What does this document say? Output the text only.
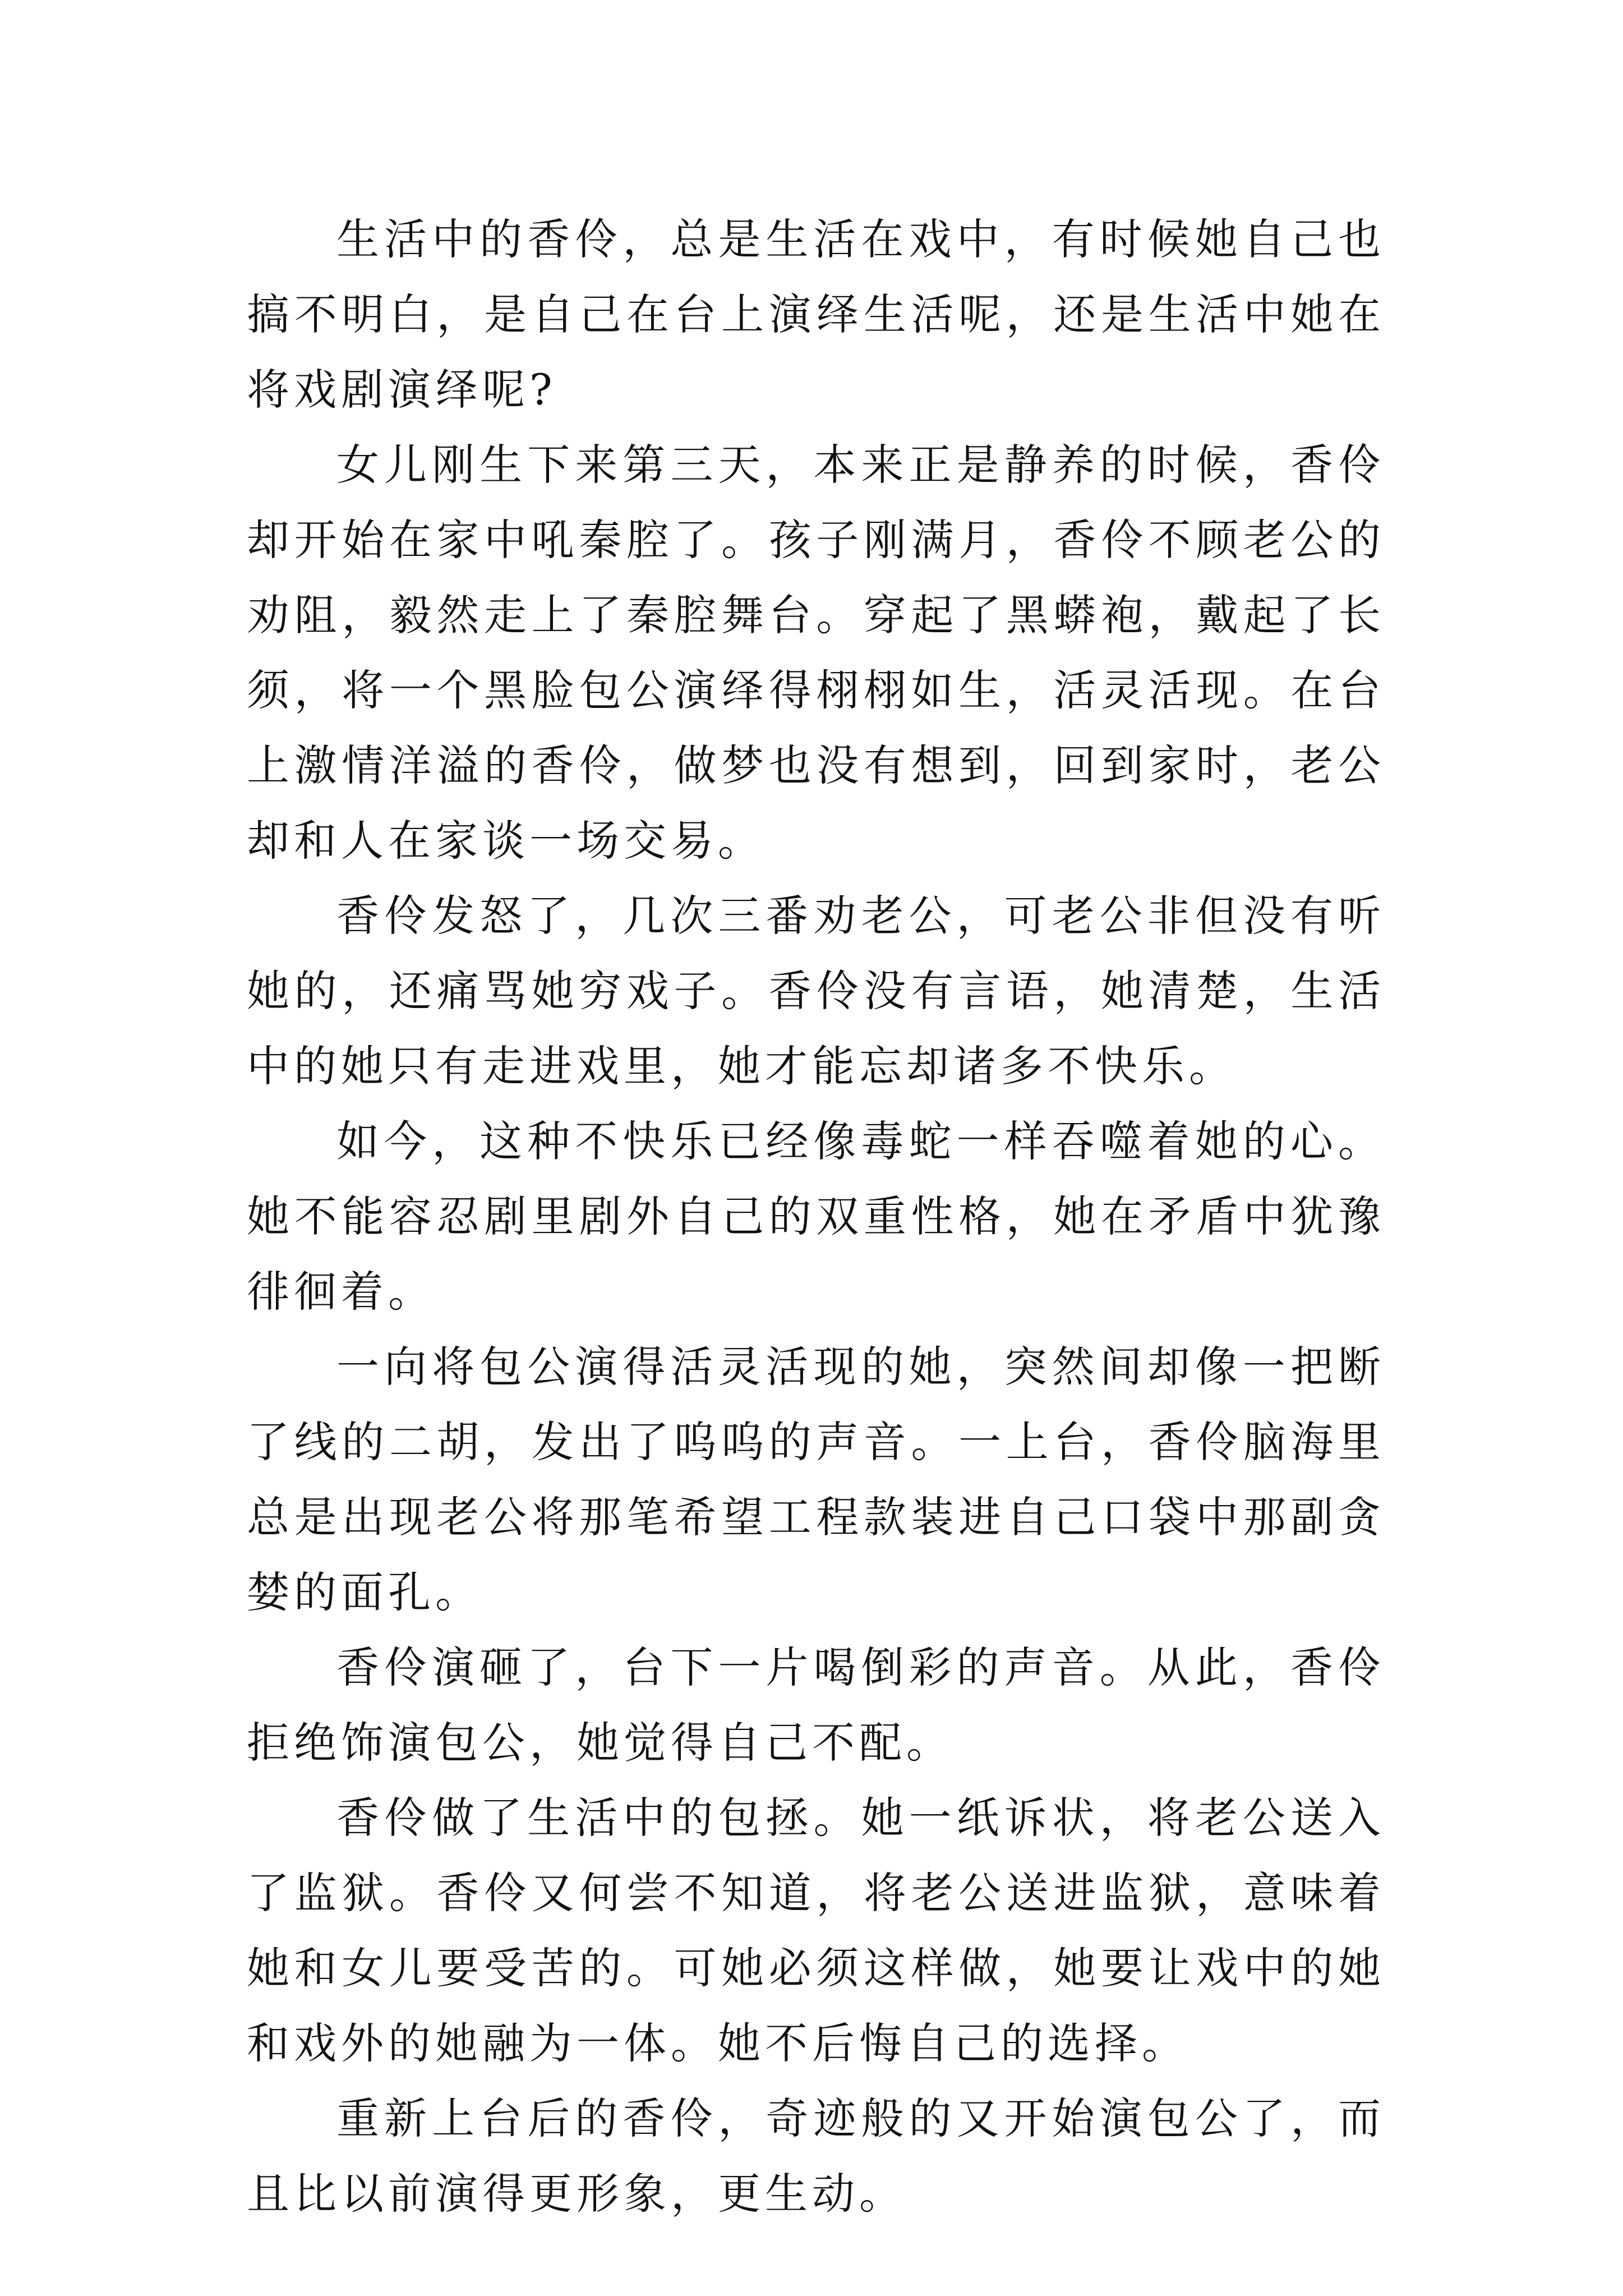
生活中的香伶，总是生活在戏中，有时候她自己也搞不明白，是自己在台上演绎生活呢，还是生活中她在将戏剧演绎呢?

女儿刚生下来第三天，本来正是静养的时候，香伶却开始在家中吼秦腔了。孩子刚满月，香伶不顾老公的劝阻，毅然走上了秦腔舞台。穿起了黑蟒袍，戴起了长须，将一个黑脸包公演绎得栩栩如生，活灵活现。在台上激情洋溢的香伶，做梦也没有想到，回到家时，老公却和人在家谈一场交易。

香伶发怒了，几次三番劝老公，可老公非但没有听她的，还痛骂她穷戏子。香伶没有言语，她清楚，生活中的她只有走进戏里，她才能忘却诸多不快乐。

如今，这种不快乐已经像毒蛇一样吞噬着她的心。她不能容忍剧里剧外自己的双重性格，她在矛盾中犹豫徘徊着。

一向将包公演得活灵活现的她，突然间却像一把断了线的二胡，发出了呜呜的声音。一上台，香伶脑海里总是出现老公将那笔希望工程款装进自己口袋中那副贪婪的面孔。

香伶演砸了，台下一片喝倒彩的声音。从此，香伶拒绝饰演包公，她觉得自己不配。

香伶做了生活中的包拯。她一纸诉状，将老公送入了监狱。香伶又何尝不知道，将老公送进监狱，意味着她和女儿要受苦的。可她必须这样做，她要让戏中的她和戏外的她融为一体。她不后悔自己的选择。

重新上台后的香伶，奇迹般的又开始演包公了，而且比以前演得更形象，更生动。
